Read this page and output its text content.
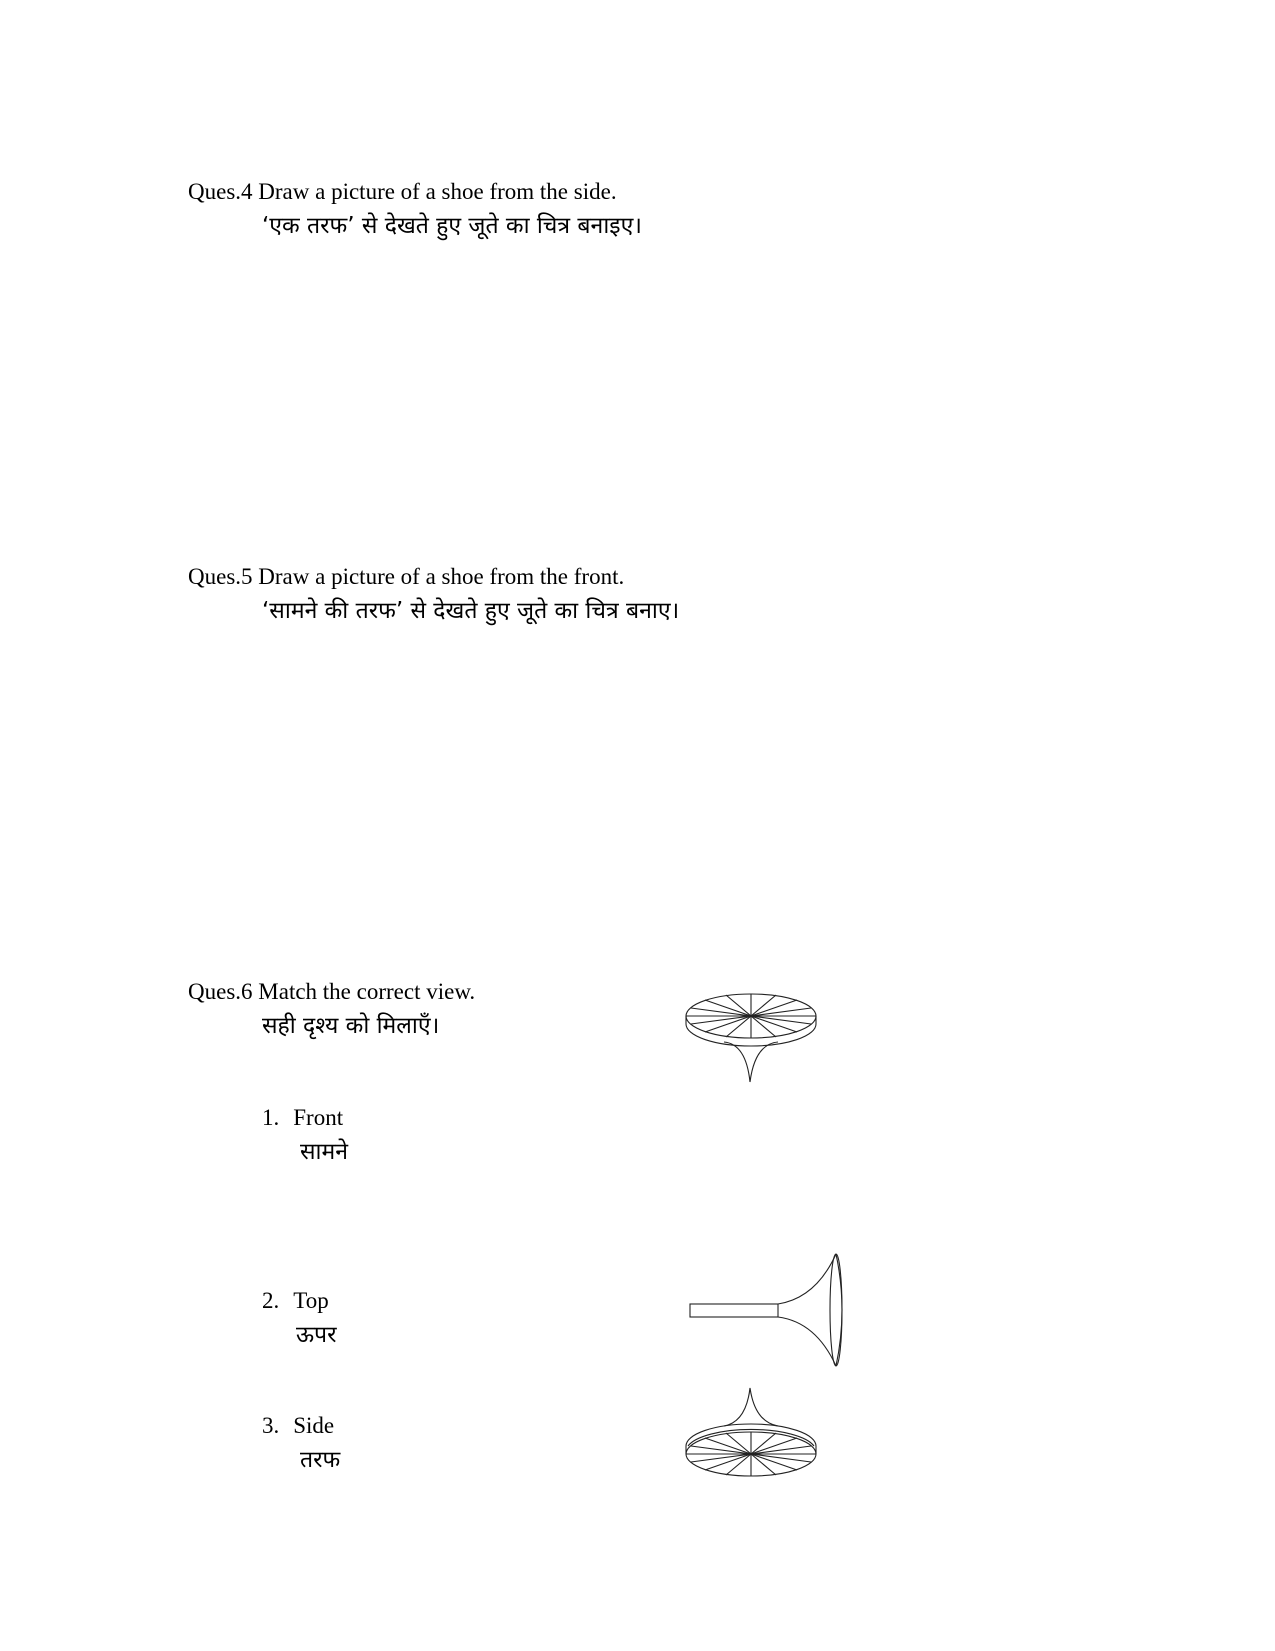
Ques.4 Draw a picture of a shoe from the side.
‘एक तरफ’ से देखते हुए जूते का चित्र बनाइए।
Ques.5 Draw a picture of a shoe from the front.
‘सामने की तरफ’ से देखते हुए जूते का चित्र बनाए।
Ques.6 Match the correct view.
सही दृश्य को मिलाएँ।
1. Front
सामने
2. Top
ऊपर
3. Side
तरफ
